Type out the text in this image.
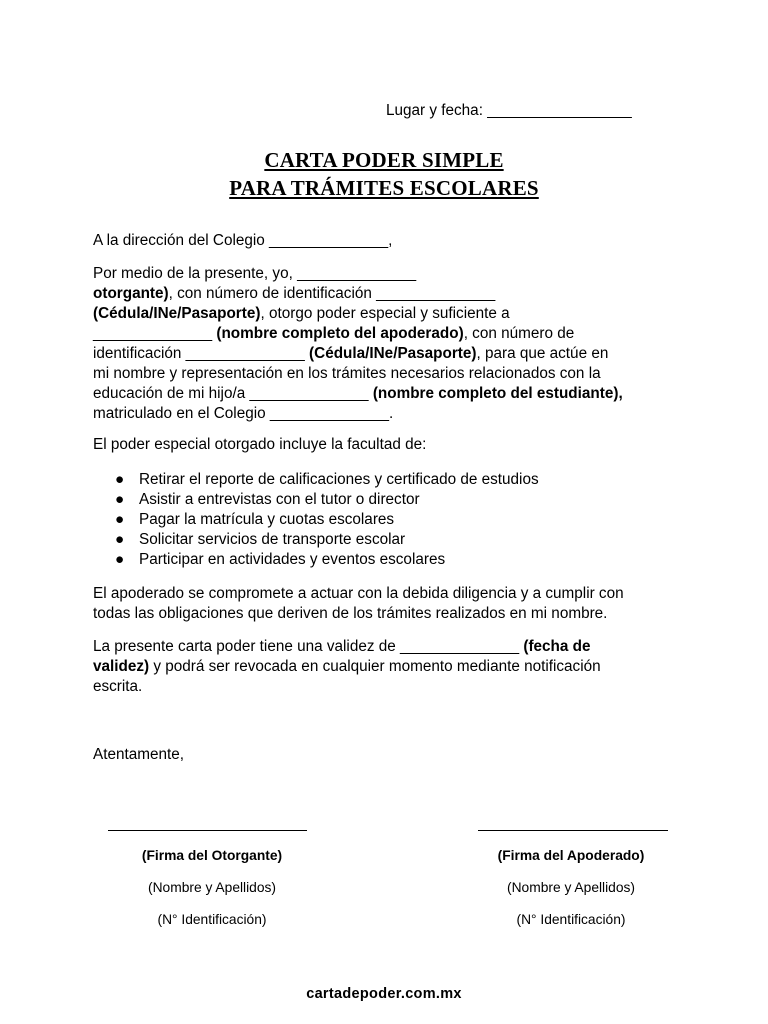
Lugar y fecha: _________________
CARTA PODER SIMPLE
PARA TRÁMITES ESCOLARES

A la dirección del Colegio ______________,

Por medio de la presente, yo, ______________
otorgante), con número de identificación ______________
(Cédula/INe/Pasaporte), otorgo poder especial y suficiente a
______________ (nombre completo del apoderado), con número de
identificación ______________ (Cédula/INe/Pasaporte), para que actúe en
mi nombre y representación en los trámites necesarios relacionados con la
educación de mi hijo/a ______________ (nombre completo del estudiante),
matriculado en el Colegio ______________.

El poder especial otorgado incluye la facultad de:

● Retirar el reporte de calificaciones y certificado de estudios
● Asistir a entrevistas con el tutor o director
● Pagar la matrícula y cuotas escolares
● Solicitar servicios de transporte escolar
● Participar en actividades y eventos escolares
El apoderado se compromete a actuar con la debida diligencia y a cumplir con
todas las obligaciones que deriven de los trámites realizados en mi nombre.
La presente carta poder tiene una validez de ______________ (fecha de
validez) y podrá ser revocada en cualquier momento mediante notificación
escrita.

Atentamente,

(Firma del Otorgante)
(Nombre y Apellidos)
(N° Identificación)
(Firma del Apoderado)
(Nombre y Apellidos)
(N° Identificación)
cartadepoder.com.mx
